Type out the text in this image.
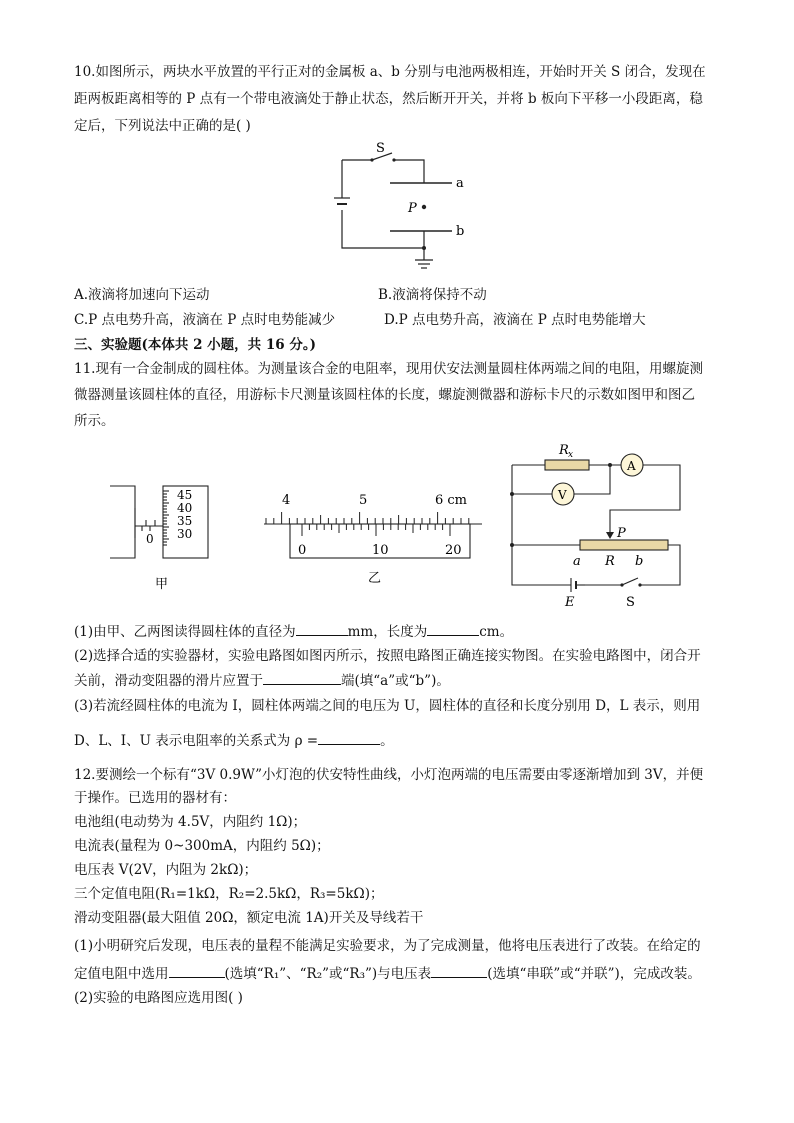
10.如图所示，两块水平放置的平行正对的金属板 a、b 分别与电池两极相连，开始时开关 S 闭合，发现在
距两板距离相等的 P 点有一个带电液滴处于静止状态，然后断开开关，并将 b 板向下平移一小段距离，稳
定后，下列说法中正确的是( )
S
a
P
b
A.液滴将加速向下运动	B.液滴将保持不动
C.P 点电势升高，液滴在 P 点时电势能减少	D.P 点电势升高，液滴在 P 点时电势能增大
三、实验题(本体共 2 小题，共 16 分。)
11.现有一合金制成的圆柱体。为测量该合金的电阻率，现用伏安法测量圆柱体两端之间的电阻，用螺旋测
微器测量该圆柱体的直径，用游标卡尺测量该圆柱体的长度，螺旋测微器和游标卡尺的示数如图甲和图乙
所示。
45
40
35
30
0
甲
4	5	6 cm
0	10	20
乙
R x
A
V
P
a R b
E	S
(1)由甲、乙两图读得圆柱体的直径为	mm，长度为	cm。
(2)选择合适的实验器材，实验电路图如图丙所示，按照电路图正确连接实物图。在实验电路图中，闭合开
关前，滑动变阻器的滑片应置于	端(填“a”或“b”)。
(3)若流经圆柱体的电流为 I，圆柱体两端之间的电压为 U，圆柱体的直径和长度分别用 D，L 表示，则用
D、L、I、U 表示电阻率的关系式为 ρ =	。
12.要测绘一个标有“3V 0.9W”小灯泡的伏安特性曲线，小灯泡两端的电压需要由零逐渐增加到 3V，并便
于操作。已选用的器材有：
电池组(电动势为 4.5V，内阻约 1Ω)；
电流表(量程为 0~300mA，内阻约 5Ω)；
电压表 V(2V，内阻为 2kΩ)；
三个定值电阻(R₁=1kΩ，R₂=2.5kΩ，R₃=5kΩ)；
滑动变阻器(最大阻值 20Ω，额定电流 1A)开关及导线若干
(1)小明研究后发现，电压表的量程不能满足实验要求，为了完成测量，他将电压表进行了改装。在给定的
定值电阻中选用	(选填“R₁”、“R₂”或“R₃”)与电压表	(选填“串联”或“并联”)，完成改装。
(2)实验的电路图应选用图( )
